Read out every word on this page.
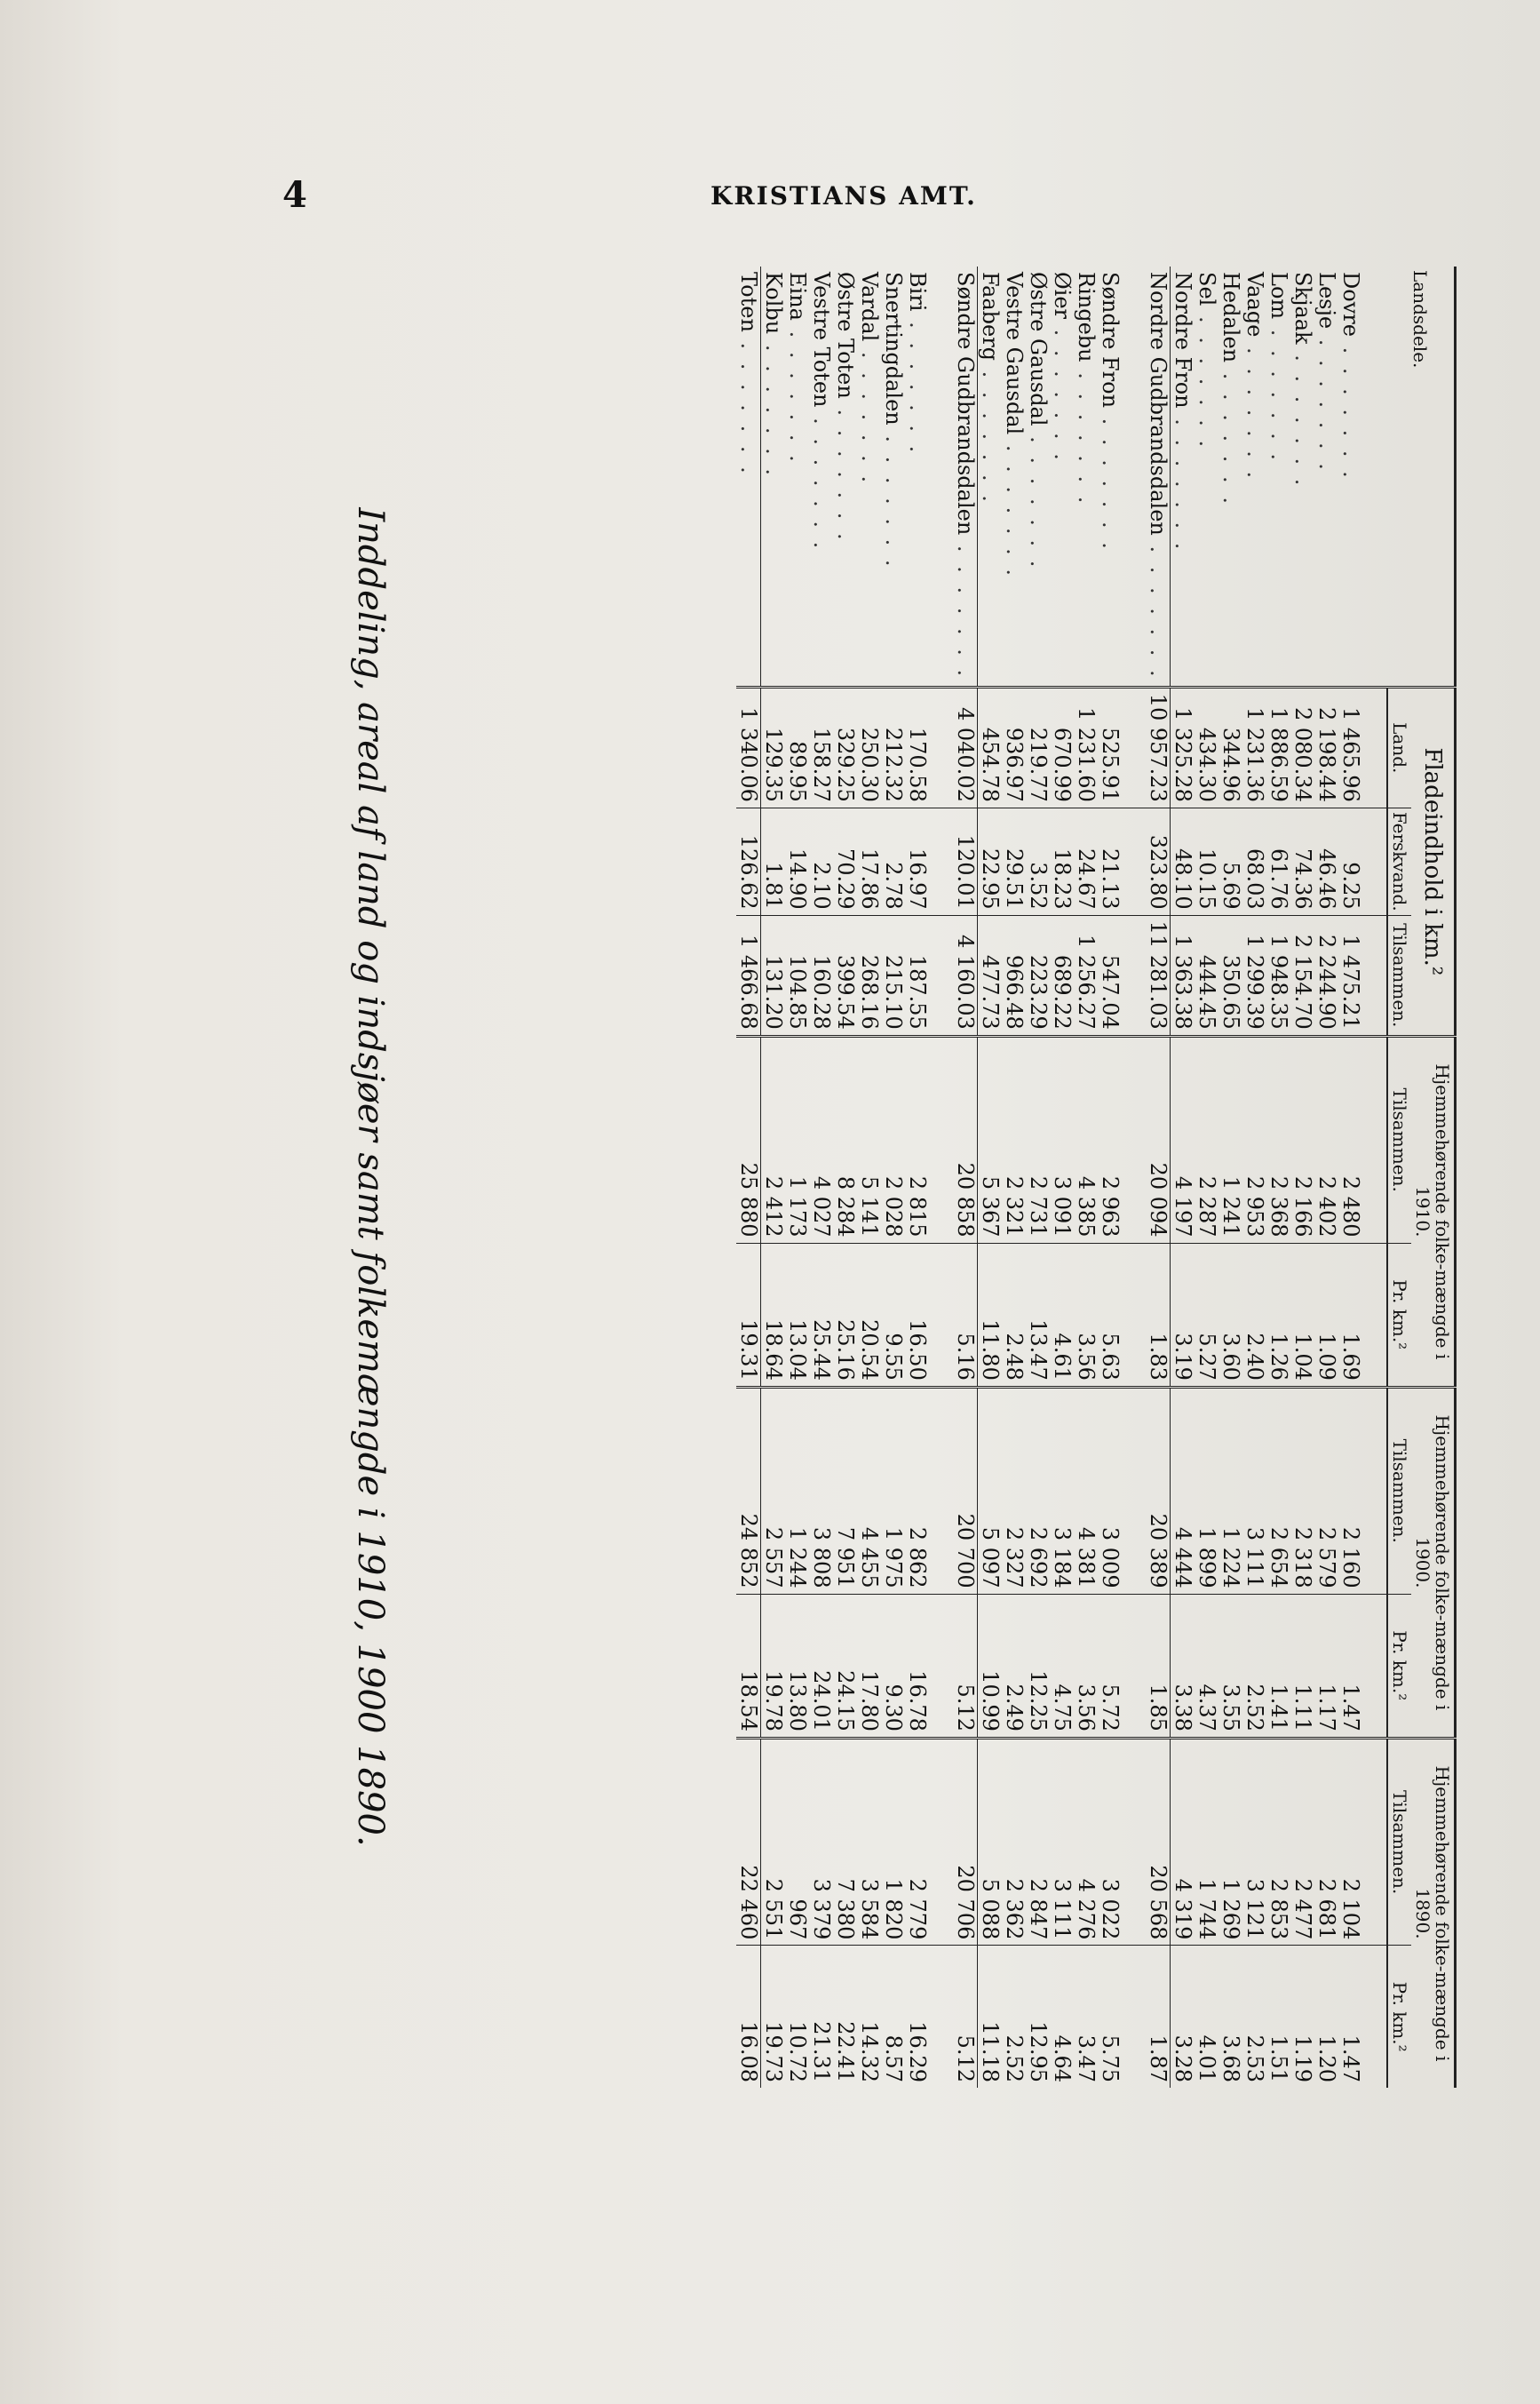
4	KRISTIANS AMT.
Inddeling, areal af land og indsjøer samt folkemængde i 1910, 1900 1890.
Landsdele.	Fladeindhold i km.²			Hjemmehørende folke-mængde i 1910.		Hjemmehørende folke-mængde i 1900.		Hjemmehørende folke-mængde i 1890.	
	Land.	Ferskvand.	Tilsammen.	Tilsammen.	Pr. km.²	Tilsammen.	Pr. km.²	Tilsammen.	Pr. km.²

Dovre . . . . . . .	1 465.96	9.25	1 475.21	2 480	1.69	2 160	1.47	2 104	1.47
Lesje . . . . . . .	2 198.44	46.46	2 244.90	2 402	1.09	2 579	1.17	2 681	1.20
Skjaak . . . . . . .	2 080.34	74.36	2 154.70	2 166	1.04	2 318	1.11	2 477	1.19
Lom . . . . . . .	1 886.59	61.76	1 948.35	2 368	1.26	2 654	1.41	2 853	1.51
Vaage . . . . . . .	1 231.36	68.03	1 299.39	2 953	2.40	3 111	2.52	3 121	2.53
Hedalen . . . . . . .	344.96	5.69	350.65	1 241	3.60	1 224	3.55	1 269	3.68
Sel . . . . . . .	434.30	10.15	444.45	2 287	5.27	1 899	4.37	1 744	4.01
Nordre Fron . . . . . . .	1 325.28	48.10	1 363.38	4 197	3.19	4 444	3.38	4 319	3.28
Nordre Gudbrandsdalen . . . . . . .	10 957.23	323.80	11 281.03	20 094	1.83	20 389	1.85	20 568	1.87

Søndre Fron . . . . . . .	525.91	21.13	547.04	2 963	5.63	3 009	5.72	3 022	5.75
Ringebu . . . . . . .	1 231.60	24.67	1 256.27	4 385	3.56	4 381	3.56	4 276	3.47
Øier . . . . . . .	670.99	18.23	689.22	3 091	4.61	3 184	4.75	3 111	4.64
Østre Gausdal . . . . . . .	219.77	3.52	223.29	2 731	13.47	2 692	12.25	2 847	12.95
Vestre Gausdal . . . . . . .	936.97	29.51	966.48	2 321	2.48	2 327	2.49	2 362	2.52
Faaberg . . . . . . .	454.78	22.95	477.73	5 367	11.80	5 097	10.99	5 088	11.18
Søndre Gudbrandsdalen . . . . . . .	4 040.02	120.01	4 160.03	20 858	5.16	20 700	5.12	20 706	5.12

Biri . . . . . . .	170.58	16.97	187.55	2 815	16.50	2 862	16.78	2 779	16.29
Snertingdalen . . . . . . .	212.32	2.78	215.10	2 028	9.55	1 975	9.30	1 820	8.57
Vardal . . . . . . .	250.30	17.86	268.16	5 141	20.54	4 455	17.80	3 584	14.32
Østre Toten . . . . . . .	329.25	70.29	399.54	8 284	25.16	7 951	24.15	7 380	22.41
Vestre Toten . . . . . . .	158.27	2.10	160.28	4 027	25.44	3 808	24.01	3 379	21.31
Eina . . . . . . .	89.95	14.90	104.85	1 173	13.04	1 244	13.80	967	10.72
Kolbu . . . . . . .	129.35	1.81	131.20	2 412	18.64	2 557	19.78	2 551	19.73
Toten . . . . . . .	1 340.06	126.62	1 466.68	25 880	19.31	24 852	18.54	22 460	16.08
